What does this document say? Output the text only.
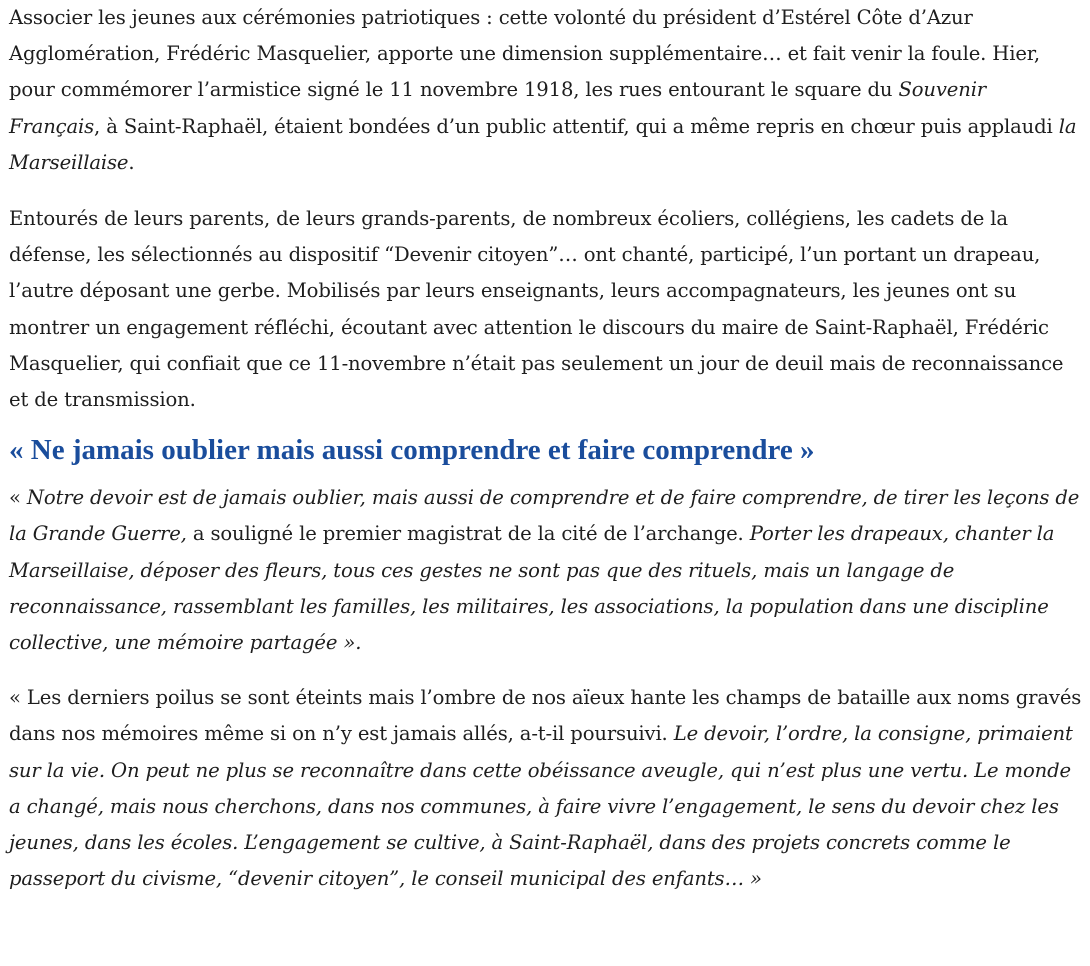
Associer les jeunes aux cérémonies patriotiques : cette volonté du président d’Estérel Côte d’Azur Agglomération, Frédéric Masquelier, apporte une dimension supplémentaire… et fait venir la foule. Hier, pour commémorer l’armistice signé le 11 novembre 1918, les rues entourant le square du Souvenir Français, à Saint-Raphaël, étaient bondées d’un public attentif, qui a même repris en chœur puis applaudi la Marseillaise.

Entourés de leurs parents, de leurs grands-parents, de nombreux écoliers, collégiens, les cadets de la défense, les sélectionnés au dispositif “Devenir citoyen”… ont chanté, participé, l’un portant un drapeau, l’autre déposant une gerbe. Mobilisés par leurs enseignants, leurs accompagnateurs, les jeunes ont su montrer un engagement réfléchi, écoutant avec attention le discours du maire de Saint-Raphaël, Frédéric Masquelier, qui confiait que ce 11-novembre n’était pas seulement un jour de deuil mais de reconnaissance et de transmission.

« Ne jamais oublier mais aussi comprendre et faire comprendre »

« Notre devoir est de jamais oublier, mais aussi de comprendre et de faire comprendre, de tirer les leçons de la Grande Guerre, a souligné le premier magistrat de la cité de l’archange. Porter les drapeaux, chanter la Marseillaise, déposer des fleurs, tous ces gestes ne sont pas que des rituels, mais un langage de reconnaissance, rassemblant les familles, les militaires, les associations, la population dans une discipline collective, une mémoire partagée ».

« Les derniers poilus se sont éteints mais l’ombre de nos aïeux hante les champs de bataille aux noms gravés dans nos mémoires même si on n’y est jamais allés, a-t-il poursuivi. Le devoir, l’ordre, la consigne, primaient sur la vie. On peut ne plus se reconnaître dans cette obéissance aveugle, qui n’est plus une vertu. Le monde a changé, mais nous cherchons, dans nos communes, à faire vivre l’engagement, le sens du devoir chez les jeunes, dans les écoles. L’engagement se cultive, à Saint-Raphaël, dans des projets concrets comme le passeport du civisme, “devenir citoyen”, le conseil municipal des enfants… »
